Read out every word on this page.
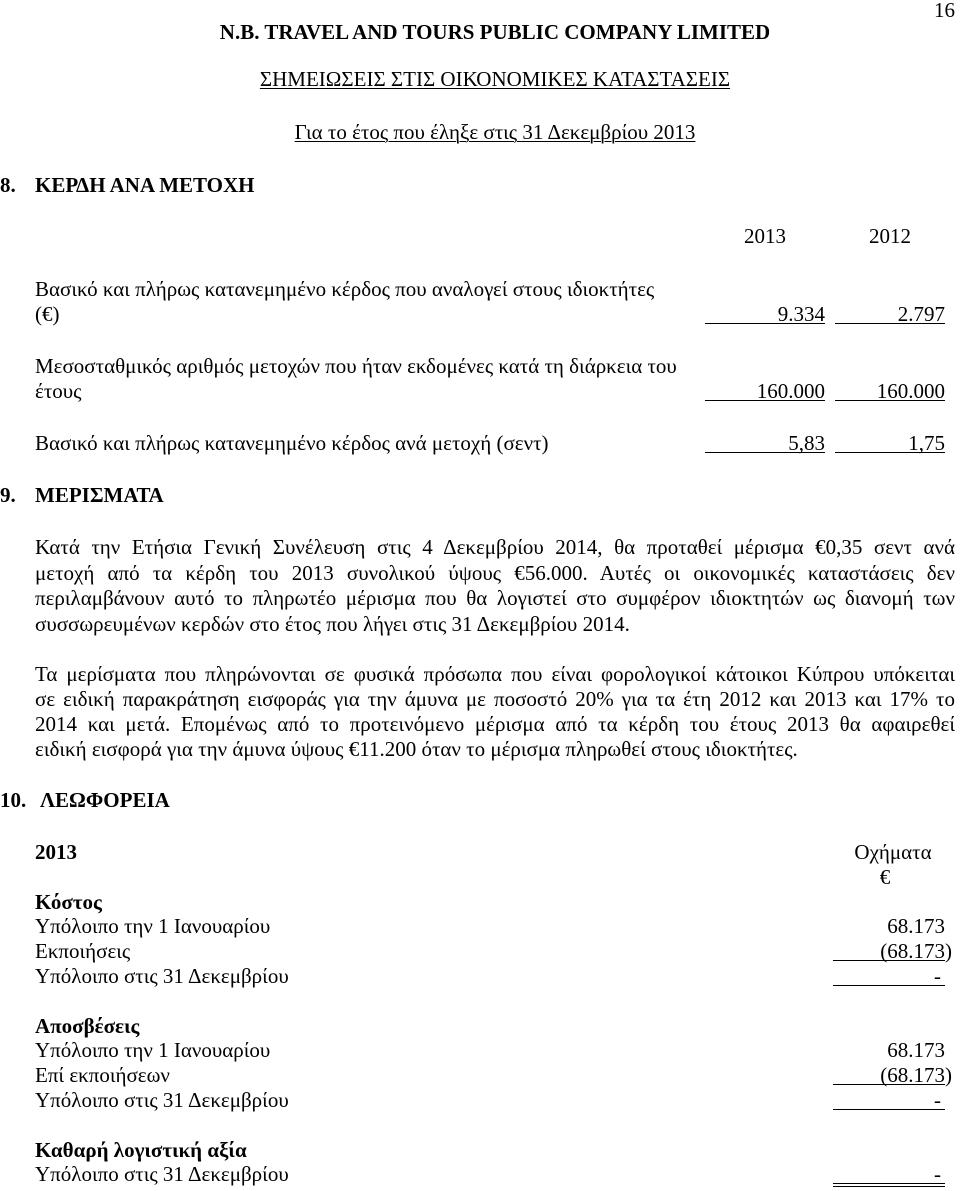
16
N.B. TRAVEL AND TOURS PUBLIC COMPANY LIMITED
ΣΗΜΕΙΩΣΕΙΣ ΣΤΙΣ ΟΙΚΟΝΟΜΙΚΕΣ ΚΑΤΑΣΤΑΣΕΙΣ
Για το έτος που έληξε στις 31 Δεκεμβρίου 2013
8. ΚΕΡΔΗ ΑΝΑ ΜΕΤΟΧΗ
2013	2012
Βασικό και πλήρως κατανεμημένο κέρδος που αναλογεί στους ιδιοκτήτες
(€)	9.334	2.797
Μεσοσταθμικός αριθμός μετοχών που ήταν εκδομένες κατά τη διάρκεια του
έτους	160.000	160.000
Βασικό και πλήρως κατανεμημένο κέρδος ανά μετοχή (σεντ)	5,83	1,75
9. ΜΕΡΙΣΜΑΤΑ
Κατά την Ετήσια Γενική Συνέλευση στις 4 Δεκεμβρίου 2014, θα προταθεί μέρισμα €0,35 σεντ ανά
μετοχή από τα κέρδη του 2013 συνολικού ύψους €56.000. Αυτές οι οικονομικές καταστάσεις δεν
περιλαμβάνουν αυτό το πληρωτέο μέρισμα που θα λογιστεί στο συμφέρον ιδιοκτητών ως διανομή των
συσσωρευμένων κερδών στο έτος που λήγει στις 31 Δεκεμβρίου 2014.
Τα μερίσματα που πληρώνονται σε φυσικά πρόσωπα που είναι φορολογικοί κάτοικοι Κύπρου υπόκειται
σε ειδική παρακράτηση εισφοράς για την άμυνα με ποσοστό 20% για τα έτη 2012 και 2013 και 17% το
2014 και μετά. Επομένως από το προτεινόμενο μέρισμα από τα κέρδη του έτους 2013 θα αφαιρεθεί
ειδική εισφορά για την άμυνα ύψους €11.200 όταν το μέρισμα πληρωθεί στους ιδιοκτήτες.
10. ΛΕΩΦΟΡΕΙΑ
2013	Οχήματα
€
Κόστος
Υπόλοιπο την 1 Ιανουαρίου	68.173
Εκποιήσεις	(68.173)
Υπόλοιπο στις 31 Δεκεμβρίου	-
Αποσβέσεις
Υπόλοιπο την 1 Ιανουαρίου	68.173
Επί εκποιήσεων	(68.173)
Υπόλοιπο στις 31 Δεκεμβρίου	-
Καθαρή λογιστική αξία
Υπόλοιπο στις 31 Δεκεμβρίου	-
